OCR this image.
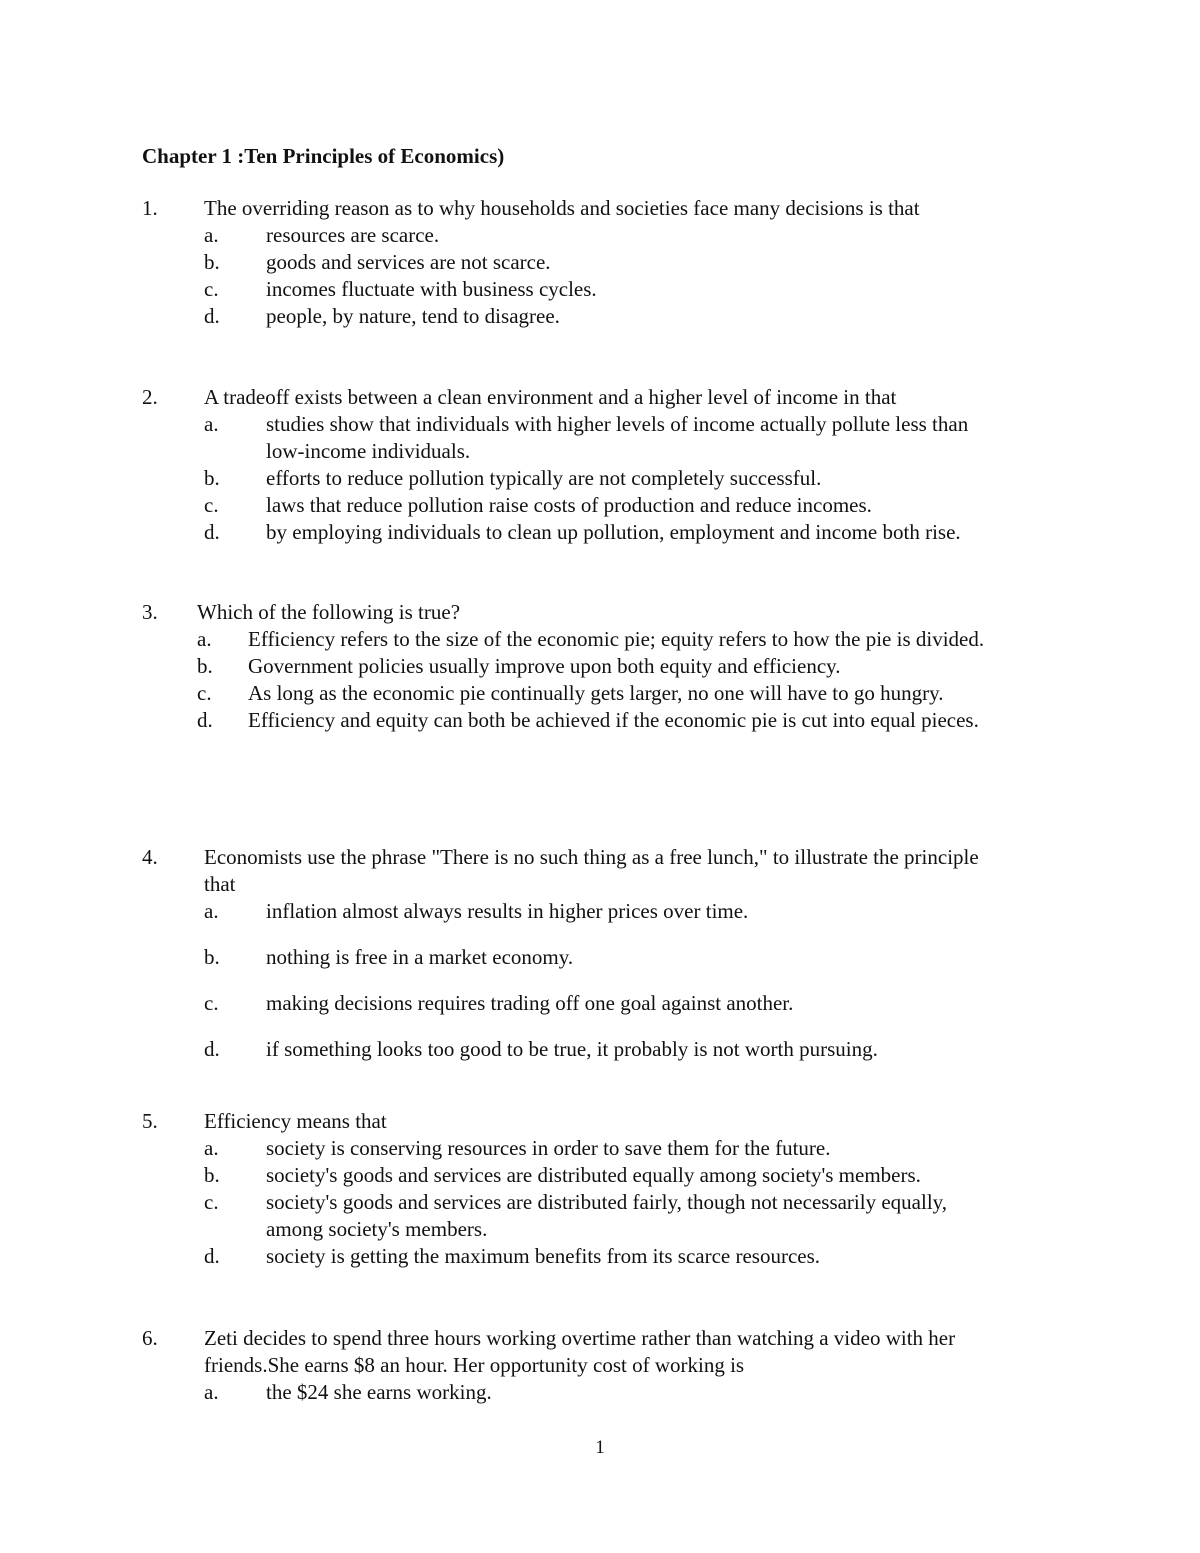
Chapter 1 :Ten Principles of Economics)
1. The overriding reason as to why households and societies face many decisions is that
a. resources are scarce.
b. goods and services are not scarce.
c. incomes fluctuate with business cycles.
d. people, by nature, tend to disagree.
2. A tradeoff exists between a clean environment and a higher level of income in that
a. studies show that individuals with higher levels of income actually pollute less than low-income individuals.
b. efforts to reduce pollution typically are not completely successful.
c. laws that reduce pollution raise costs of production and reduce incomes.
d. by employing individuals to clean up pollution, employment and income both rise.
3. Which of the following is true?
a. Efficiency refers to the size of the economic pie; equity refers to how the pie is divided.
b. Government policies usually improve upon both equity and efficiency.
c. As long as the economic pie continually gets larger, no one will have to go hungry.
d. Efficiency and equity can both be achieved if the economic pie is cut into equal pieces.
4. Economists use the phrase "There is no such thing as a free lunch," to illustrate the principle that
a. inflation almost always results in higher prices over time.
b. nothing is free in a market economy.
c. making decisions requires trading off one goal against another.
d. if something looks too good to be true, it probably is not worth pursuing.
5. Efficiency means that
a. society is conserving resources in order to save them for the future.
b. society's goods and services are distributed equally among society's members.
c. society's goods and services are distributed fairly, though not necessarily equally, among society's members.
d. society is getting the maximum benefits from its scarce resources.
6. Zeti decides to spend three hours working overtime rather than watching a video with her friends.She earns $8 an hour. Her opportunity cost of working is
a. the $24 she earns working.
1
